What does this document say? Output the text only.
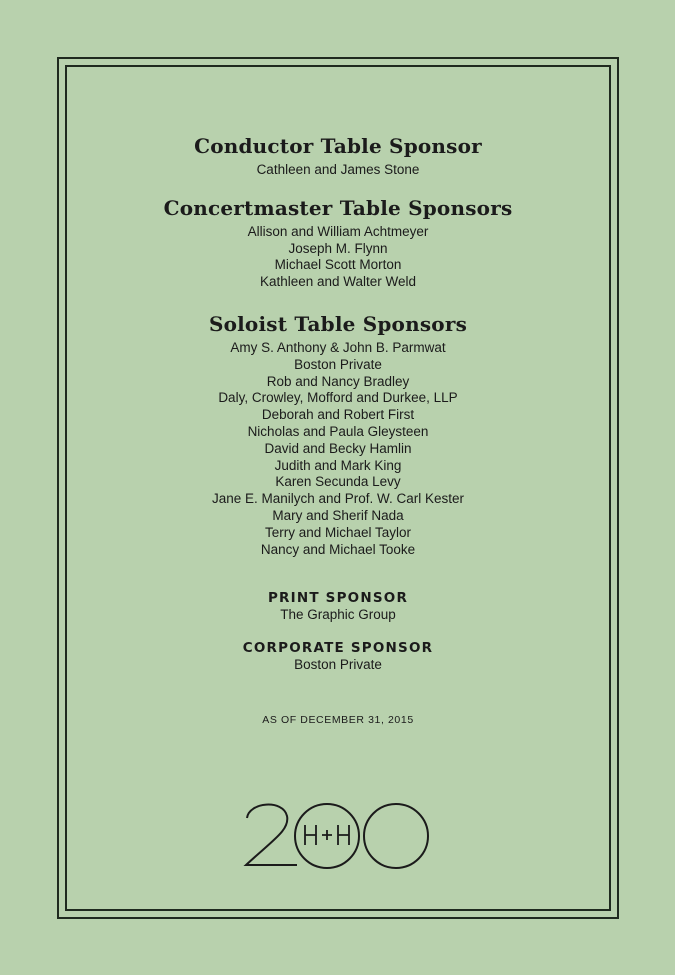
Conductor Table Sponsor

Cathleen and James Stone

Concertmaster Table Sponsors

Allison and William Achtmeyer

Joseph M. Flynn

Michael Scott Morton

Kathleen and Walter Weld

Soloist Table Sponsors

Amy S. Anthony & John B. Parmwat

Boston Private

Rob and Nancy Bradley

Daly, Crowley, Mofford and Durkee, LLP

Deborah and Robert First

Nicholas and Paula Gleysteen

David and Becky Hamlin

Judith and Mark King

Karen Secunda Levy

Jane E. Manilych and Prof. W. Carl Kester

Mary and Sherif Nada

Terry and Michael Taylor

Nancy and Michael Tooke

PRINT SPONSOR

The Graphic Group

CORPORATE SPONSOR

Boston Private

AS OF DECEMBER 31, 2015
